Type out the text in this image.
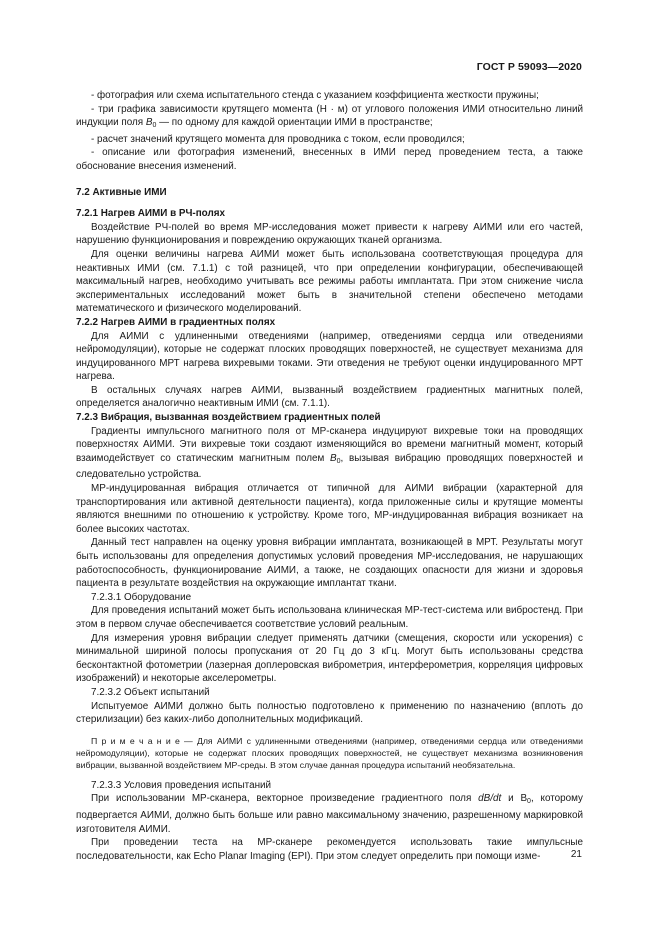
ГОСТ Р 59093—2020

- фотография или схема испытательного стенда с указанием коэффициента жесткости пружины;

- три графика зависимости крутящего момента (Н · м) от углового положения ИМИ относительно линий индукции поля $B_0$ — по одному для каждой ориентации ИМИ в пространстве;

- расчет значений крутящего момента для проводника с током, если проводился;

- описание или фотография изменений, внесенных в ИМИ перед проведением теста, а также обоснование внесения изменений.

7.2 Активные ИМИ

7.2.1 Нагрев АИМИ в РЧ-полях

Воздействие РЧ-полей во время МР-исследования может привести к нагреву АИМИ или его частей, нарушению функционирования и повреждению окружающих тканей организма.

Для оценки величины нагрева АИМИ может быть использована соответствующая процедура для неактивных ИМИ (см. 7.1.1) с той разницей, что при определении конфигурации, обеспечивающей максимальный нагрев, необходимо учитывать все режимы работы имплантата. При этом снижение числа экспериментальных исследований может быть в значительной степени обеспечено методами математического и физического моделирований.

7.2.2 Нагрев АИМИ в градиентных полях

Для АИМИ с удлиненными отведениями (например, отведениями сердца или отведениями нейромодуляции), которые не содержат плоских проводящих поверхностей, не существует механизма для индуцированного МРТ нагрева вихревыми токами. Эти отведения не требуют оценки индуцированного МРТ нагрева.

В остальных случаях нагрев АИМИ, вызванный воздействием градиентных магнитных полей, определяется аналогично неактивным ИМИ (см. 7.1.1).

7.2.3 Вибрация, вызванная воздействием градиентных полей

Градиенты импульсного магнитного поля от МР-сканера индуцируют вихревые токи на проводящих поверхностях АИМИ. Эти вихревые токи создают изменяющийся во времени магнитный момент, который взаимодействует со статическим магнитным полем $B_0$, вызывая вибрацию проводящих поверхностей и следовательно устройства.

МР-индуцированная вибрация отличается от типичной для АИМИ вибрации (характерной для транспортирования или активной деятельности пациента), когда приложенные силы и крутящие моменты являются внешними по отношению к устройству. Кроме того, МР-индуцированная вибрация возникает на более высоких частотах.

Данный тест направлен на оценку уровня вибрации имплантата, возникающей в МРТ. Результаты могут быть использованы для определения допустимых условий проведения МР-исследования, не нарушающих работоспособность, функционирование АИМИ, а также, не создающих опасности для жизни и здоровья пациента в результате воздействия на окружающие имплантат ткани.

7.2.3.1 Оборудование

Для проведения испытаний может быть использована клиническая МР-тест-система или вибростенд. При этом в первом случае обеспечивается соответствие условий реальным.

Для измерения уровня вибрации следует применять датчики (смещения, скорости или ускорения) с минимальной шириной полосы пропускания от 20 Гц до 3 кГц. Могут быть использованы средства бесконтактной фотометрии (лазерная доплеровская виброметрия, интерферометрия, корреляция цифровых изображений) и некоторые акселерометры.

7.2.3.2 Объект испытаний

Испытуемое АИМИ должно быть полностью подготовлено к применению по назначению (вплоть до стерилизации) без каких-либо дополнительных модификаций.

П р и м е ч а н и е — Для АИМИ с удлиненными отведениями (например, отведениями сердца или отведениями нейромодуляции), которые не содержат плоских проводящих поверхностей, не существует механизма возникновения вибрации, вызванной воздействием МР-среды. В этом случае данная процедура испытаний необязательна.

7.2.3.3 Условия проведения испытаний

При использовании МР-сканера, векторное произведение градиентного поля dB/dt и $B_0$, которому подвергается АИМИ, должно быть больше или равно максимальному значению, разрешенному маркировкой изготовителя АИМИ.

При проведении теста на МР-сканере рекомендуется использовать такие импульсные последовательности, как Echo Planar Imaging (EPI). При этом следует определить при помощи изме-	21
